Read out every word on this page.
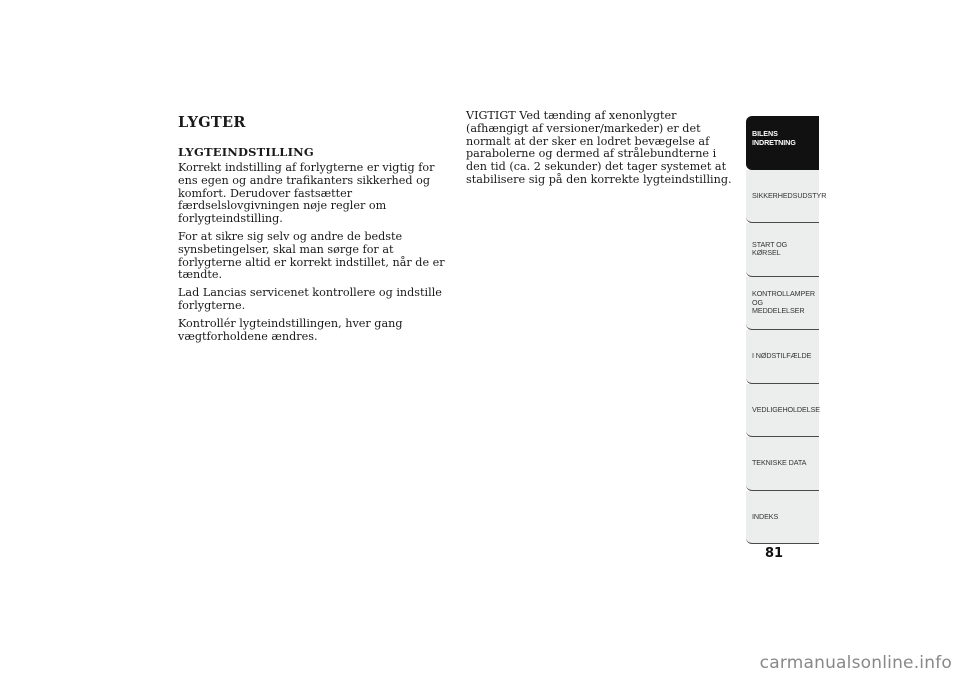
LYGTER
LYGTEINDSTILLING

Korrekt indstilling af forlygterne er vigtig for ens egen og andre trafikanters sikkerhed og komfort. Derudover fastsætter færdselslovgivningen nøje regler om forlygteindstilling.

For at sikre sig selv og andre de bedste synsbetingelser, skal man sørge for at forlygterne altid er korrekt indstillet, når de er tændte.

Lad Lancias servicenet kontrollere og indstille forlygterne.

Kontrollér lygteindstillingen, hver gang vægtforholdene ændres.

VIGTIGT Ved tænding af xenonlygter (afhængigt af versioner/markeder) er det normalt at der sker en lodret bevægelse af parabolerne og dermed af strålebundterne i den tid (ca. 2 sekunder) det tager systemet at stabilisere sig på den korrekte lygteindstilling.

BILENS INDRETNING
SIKKERHEDSUDSTYR
START OG KØRSEL
KONTROLLAMPER OG MEDDELELSER
I NØDSTILFÆLDE
VEDLIGEHOLDELSE
TEKNISKE DATA
INDEKS
81
carmanualsonline.info
